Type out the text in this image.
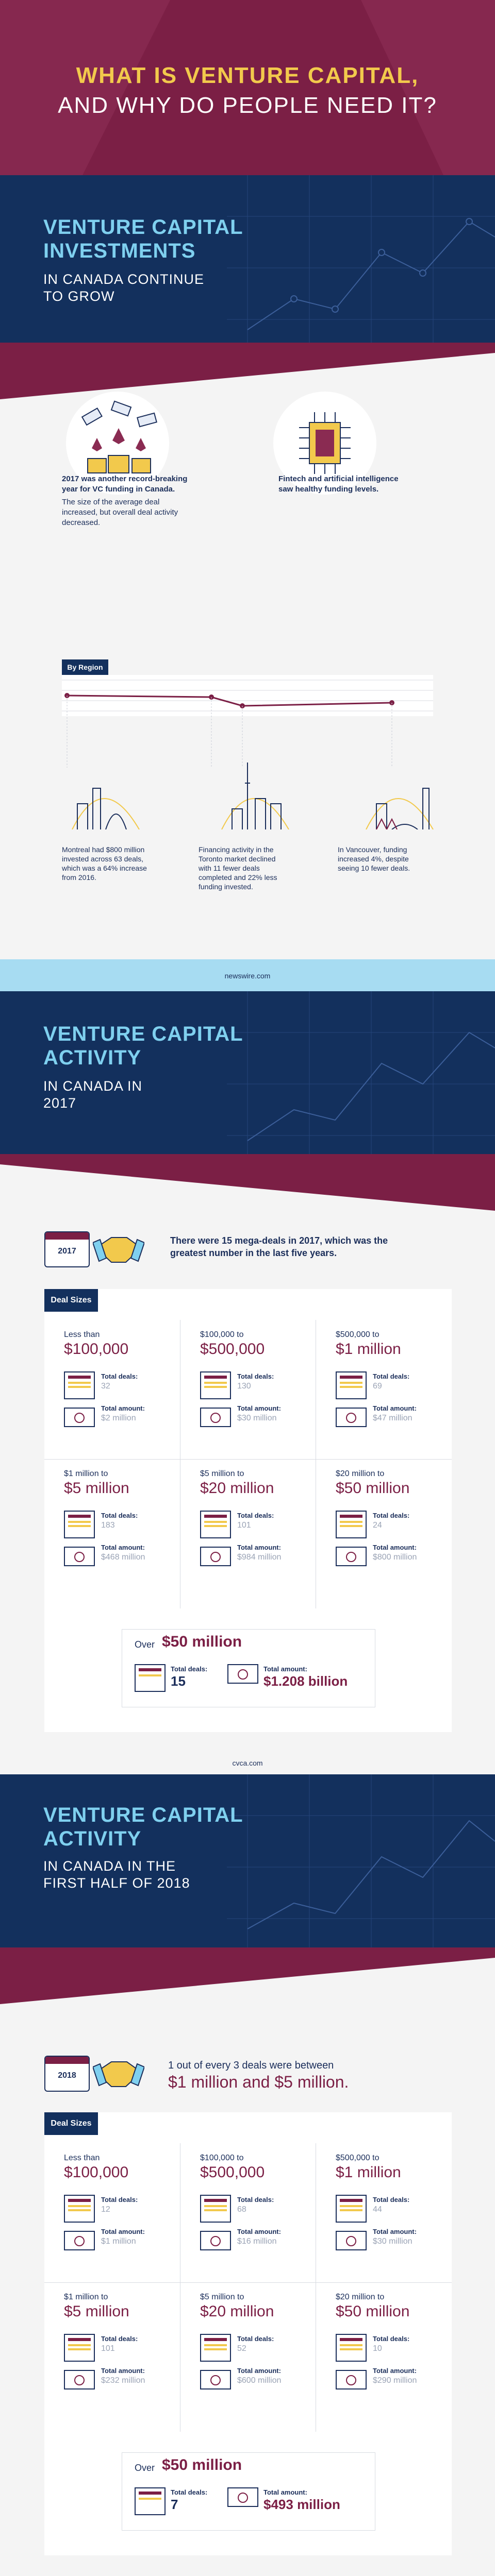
WHAT IS VENTURE CAPITAL,
AND WHY DO PEOPLE NEED IT?
VENTURE CAPITAL
INVESTMENTS
IN CANADA CONTINUE
TO GROW
2017 was another record-breaking year for VC funding in Canada.
The size of the average deal increased, but overall deal activity decreased.
Fintech and artificial intelligence saw healthy funding levels.
By Region
Montreal had $800 million invested across 63 deals, which was a 64% increase from 2016.
Financing activity in the Toronto market declined with 11 fewer deals completed and 22% less funding invested.
In Vancouver, funding increased 4%, despite seeing 10 fewer deals.
newswire.com
VENTURE CAPITAL
ACTIVITY
IN CANADA IN
2017
2017
There were 15 mega-deals in 2017, which was the greatest number in the last five years.
Deal Sizes
Less than
$100,000
Total deals:
32
Total amount:
$2 million
$100,000 to
$500,000
Total deals:
130
Total amount:
$30 million
$500,000 to
$1 million
Total deals:
69
Total amount:
$47 million
$1 million to
$5 million
Total deals:
183
Total amount:
$468 million
$5 million to
$20 million
Total deals:
101
Total amount:
$984 million
$20 million to
$50 million
Total deals:
24
Total amount:
$800 million
Over $50 million
Total deals:
15
Total amount:
$1.208 billion
cvca.com
VENTURE CAPITAL
ACTIVITY
IN CANADA IN THE
FIRST HALF OF 2018
2018
1 out of every 3 deals were between
$1 million and $5 million.
Deal Sizes
Less than
$100,000
Total deals:
12
Total amount:
$1 million
$100,000 to
$500,000
Total deals:
68
Total amount:
$16 million
$500,000 to
$1 million
Total deals:
44
Total amount:
$30 million
$1 million to
$5 million
Total deals:
101
Total amount:
$232 million
$5 million to
$20 million
Total deals:
52
Total amount:
$600 million
$20 million to
$50 million
Total deals:
10
Total amount:
$290 million
Over $50 million
Total deals:
7
Total amount:
$493 million
